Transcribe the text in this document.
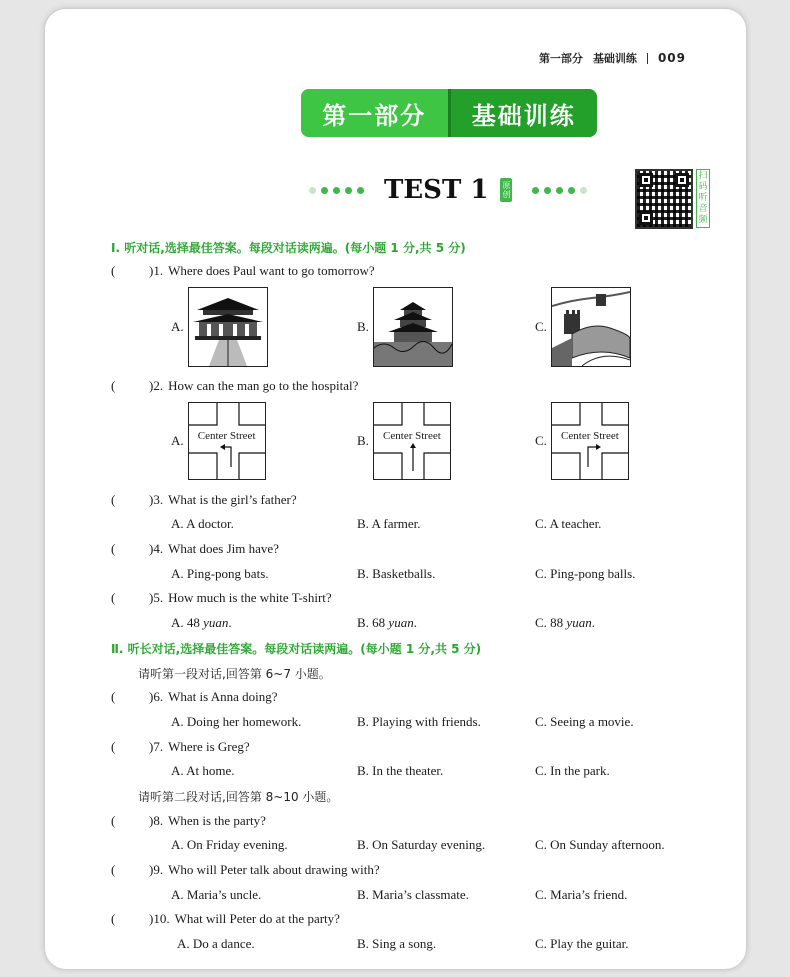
第一部分 基础训练 009
第一部分	基础训练
TEST 1 原
创
扫
码
听
音
频
Ⅰ. 听对话,选择最佳答案。每段对话读两遍。(每小题 1 分,共 5 分)
(	)1. Where does Paul want to go tomorrow?
A.	B.	C.
(	)2. How can the man go to the hospital?
A.	Center Street	B.	Center Street	C.	Center Street
(	)3. What is the girl’s father?
A. A doctor.	B. A farmer.	C. A teacher.
(	)4. What does Jim have?
A. Ping-pong bats.	B. Basketballs.	C. Ping-pong balls.
(	)5. How much is the white T-shirt?
A. 48 yuan.	B. 68 yuan.	C. 88 yuan.
Ⅱ. 听长对话,选择最佳答案。每段对话读两遍。(每小题 1 分,共 5 分)
请听第一段对话,回答第 6~7 小题。
(	)6. What is Anna doing?
A. Doing her homework.	B. Playing with friends.	C. Seeing a movie.
(	)7. Where is Greg?
A. At home.	B. In the theater.	C. In the park.
请听第二段对话,回答第 8~10 小题。
(	)8. When is the party?
A. On Friday evening.	B. On Saturday evening.	C. On Sunday afternoon.
(	)9. Who will Peter talk about drawing with?
A. Maria’s uncle.	B. Maria’s classmate.	C. Maria’s friend.
(	)10. What will Peter do at the party?
A. Do a dance.	B. Sing a song.	C. Play the guitar.
